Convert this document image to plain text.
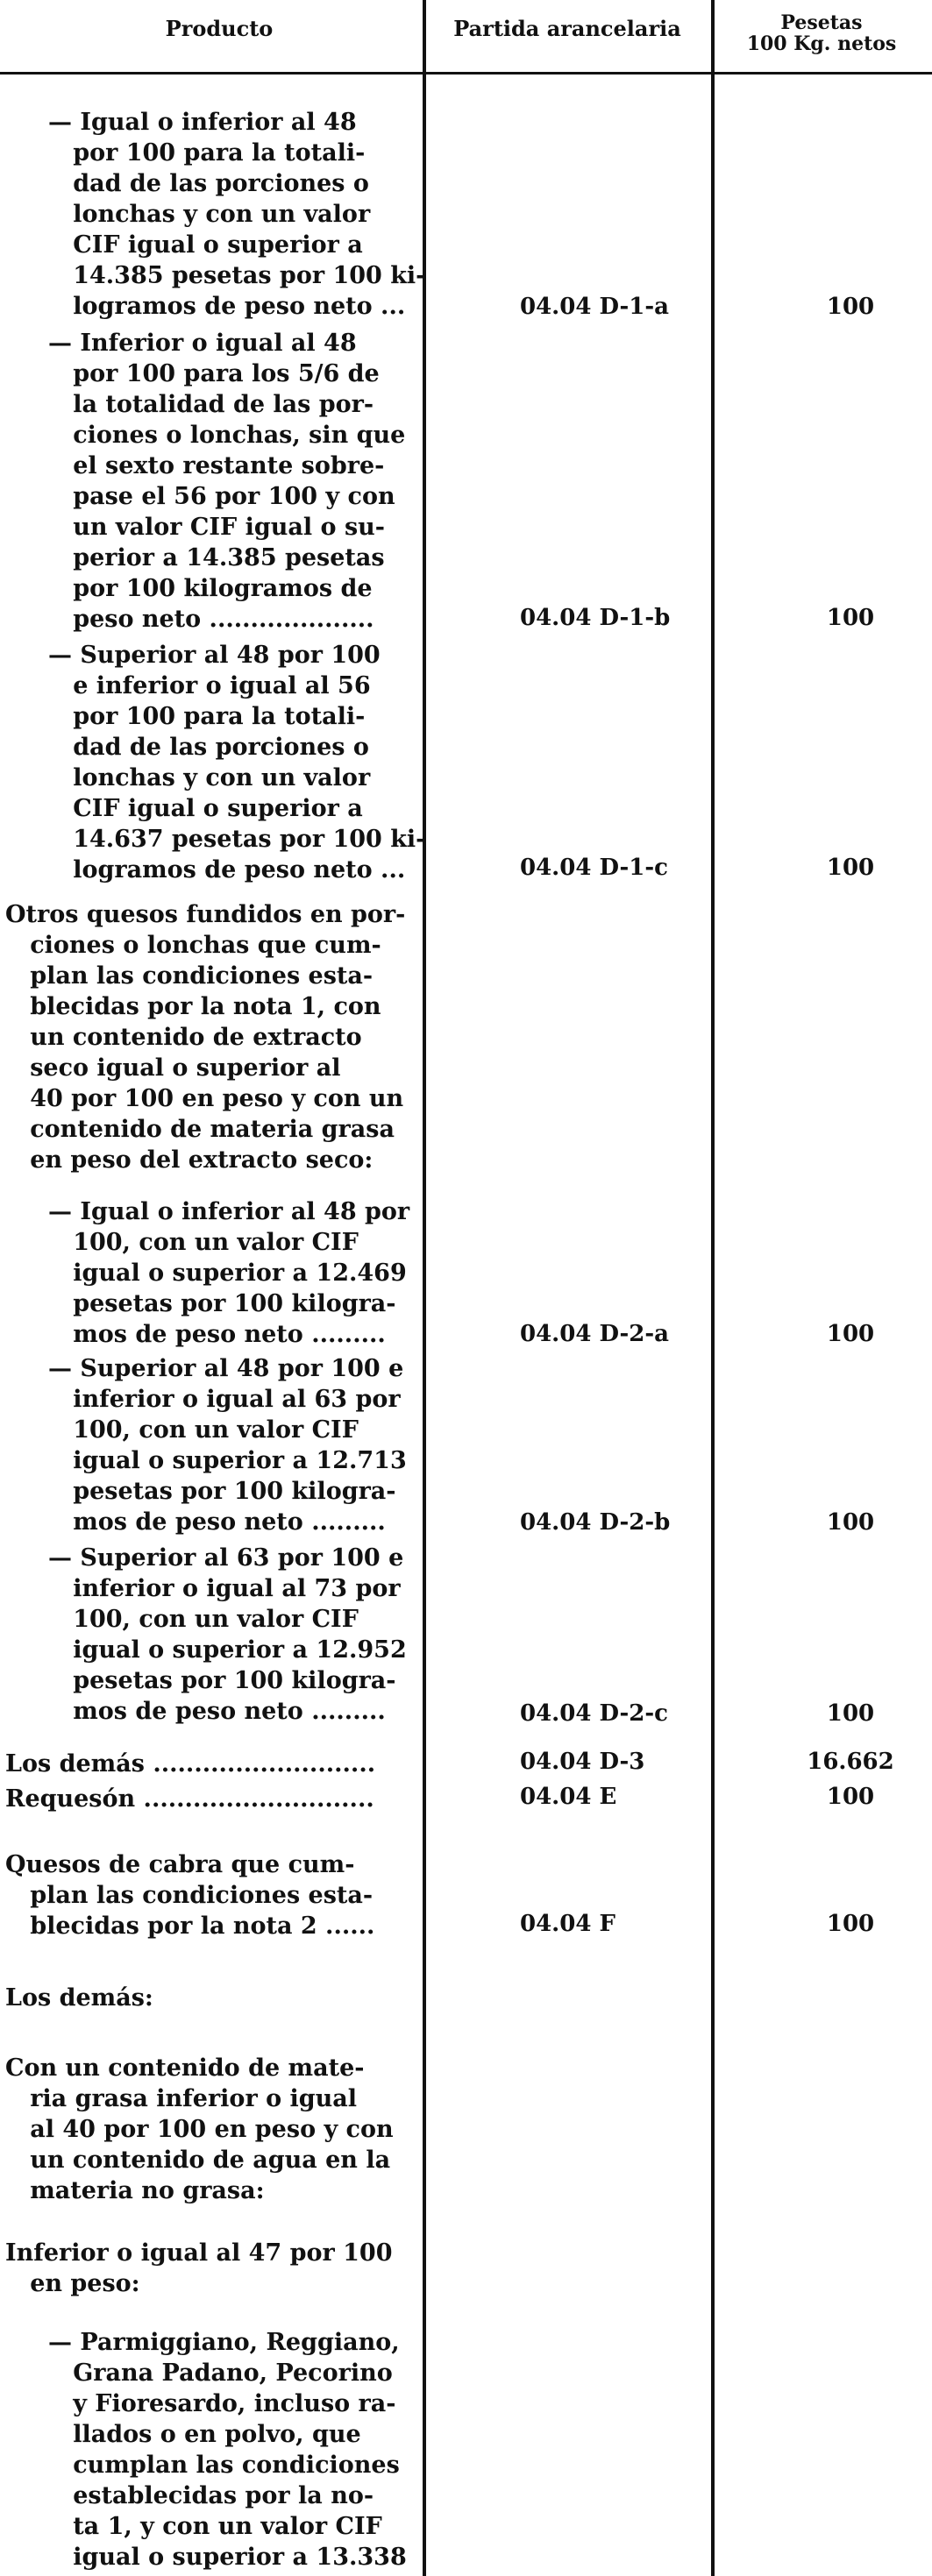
Producto	Partida arancelaria	Pesetas
100 Kg. netos
— Igual o inferior al 48
por 100 para la totali-
dad de las porciones o
lonchas y con un valor
CIF igual o superior a
14.385 pesetas por 100 ki-
logramos de peso neto ...	04.04 D-1-a	100
— Inferior o igual al 48
por 100 para los 5/6 de
la totalidad de las por-
ciones o lonchas, sin que
el sexto restante sobre-
pase el 56 por 100 y con
un valor CIF igual o su-
perior a 14.385 pesetas
por 100 kilogramos de
peso neto ....................	04.04 D-1-b	100
— Superior al 48 por 100
e inferior o igual al 56
por 100 para la totali-
dad de las porciones o
lonchas y con un valor
CIF igual o superior a
14.637 pesetas por 100 ki-
logramos de peso neto ...	04.04 D-1-c	100
Otros quesos fundidos en por-
ciones o lonchas que cum-
plan las condiciones esta-
blecidas por la nota 1, con
un contenido de extracto
seco igual o superior al
40 por 100 en peso y con un
contenido de materia grasa
en peso del extracto seco:
— Igual o inferior al 48 por
100, con un valor CIF
igual o superior a 12.469
pesetas por 100 kilogra-
mos de peso neto .........	04.04 D-2-a	100
— Superior al 48 por 100 e
inferior o igual al 63 por
100, con un valor CIF
igual o superior a 12.713
pesetas por 100 kilogra-
mos de peso neto .........	04.04 D-2-b	100
— Superior al 63 por 100 e
inferior o igual al 73 por
100, con un valor CIF
igual o superior a 12.952
pesetas por 100 kilogra-
mos de peso neto .........	04.04 D-2-c	100
Los demás ...........................	04.04 D-3	16.662
Requesón ............................	04.04 E	100
Quesos de cabra que cum-
plan las condiciones esta-
blecidas por la nota 2 ......	04.04 F	100
Los demás:
Con un contenido de mate-
ria grasa inferior o igual
al 40 por 100 en peso y con
un contenido de agua en la
materia no grasa:
Inferior o igual al 47 por 100
en peso:
— Parmiggiano, Reggiano,
Grana Padano, Pecorino
y Fioresardo, incluso ra-
llados o en polvo, que
cumplan las condiciones
establecidas por la no-
ta 1, y con un valor CIF
igual o superior a 13.338
